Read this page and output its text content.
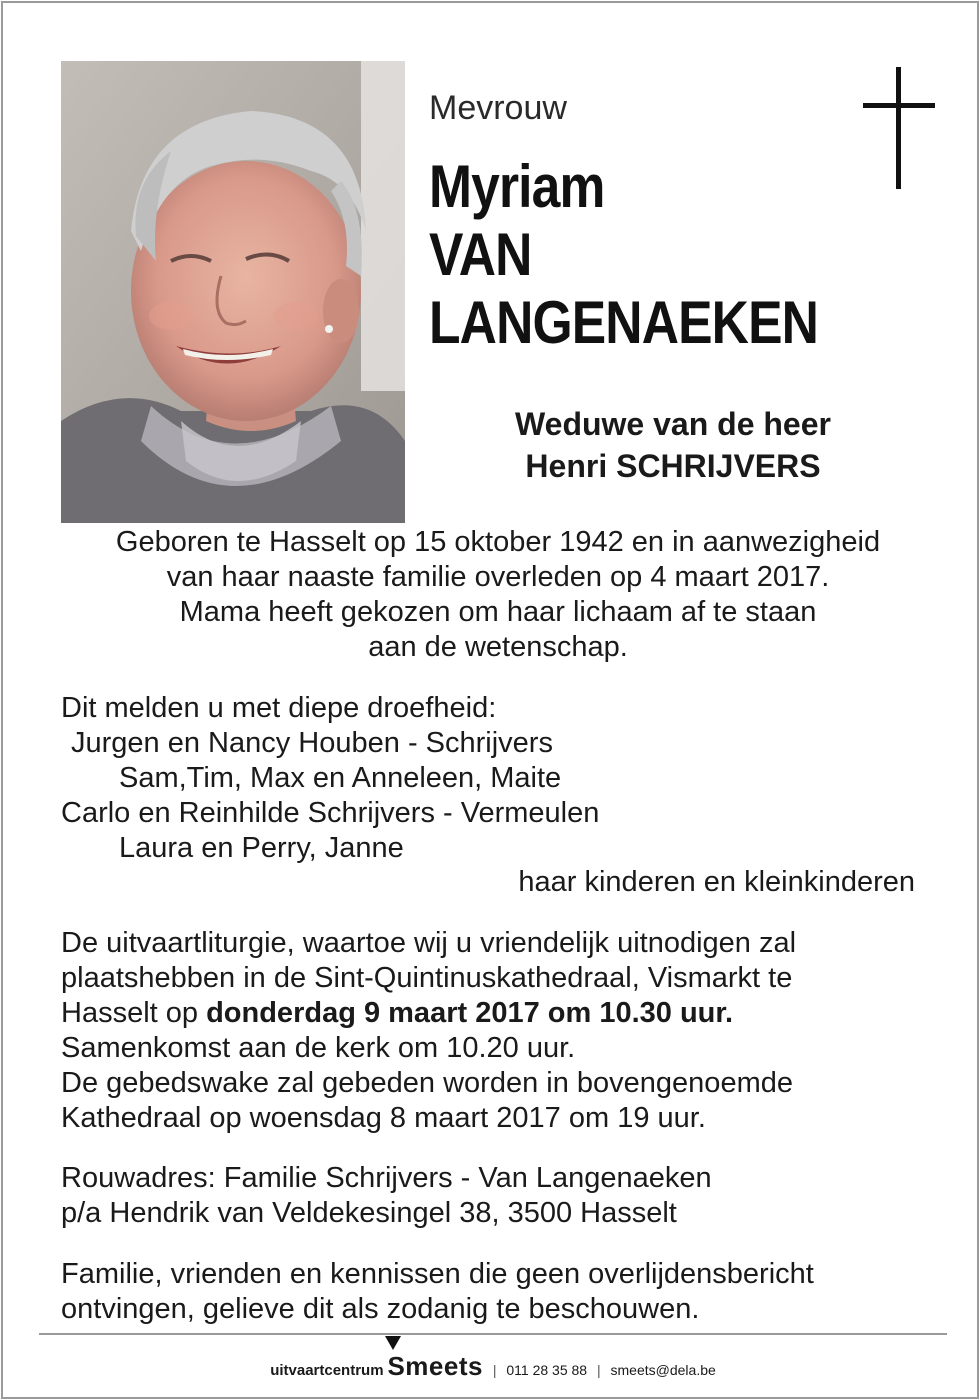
Mevrouw
Myriam
VAN
LANGENAEKEN
Weduwe van de heer
Henri SCHRIJVERS
Geboren te Hasselt op 15 oktober 1942 en in aanwezigheid
van haar naaste familie overleden op 4 maart 2017.
Mama heeft gekozen om haar lichaam af te staan
aan de wetenschap.
Dit melden u met diepe droefheid:
Jurgen en Nancy Houben - Schrijvers
Sam,Tim, Max en Anneleen, Maite
Carlo en Reinhilde Schrijvers - Vermeulen
Laura en Perry, Janne
haar kinderen en kleinkinderen
De uitvaartliturgie, waartoe wij u vriendelijk uitnodigen zal
plaatshebben in de Sint-Quintinuskathedraal, Vismarkt te
Hasselt op donderdag 9 maart 2017 om 10.30 uur.
Samenkomst aan de kerk om 10.20 uur.
De gebedswake zal gebeden worden in bovengenoemde
Kathedraal op woensdag 8 maart 2017 om 19 uur.
Rouwadres: Familie Schrijvers - Van Langenaeken
p/a Hendrik van Veldekesingel 38, 3500 Hasselt
Familie, vrienden en kennissen die geen overlijdensbericht
ontvingen, gelieve dit als zodanig te beschouwen.
uitvaartcentrum Smeets | 011 28 35 88 | smeets@dela.be
